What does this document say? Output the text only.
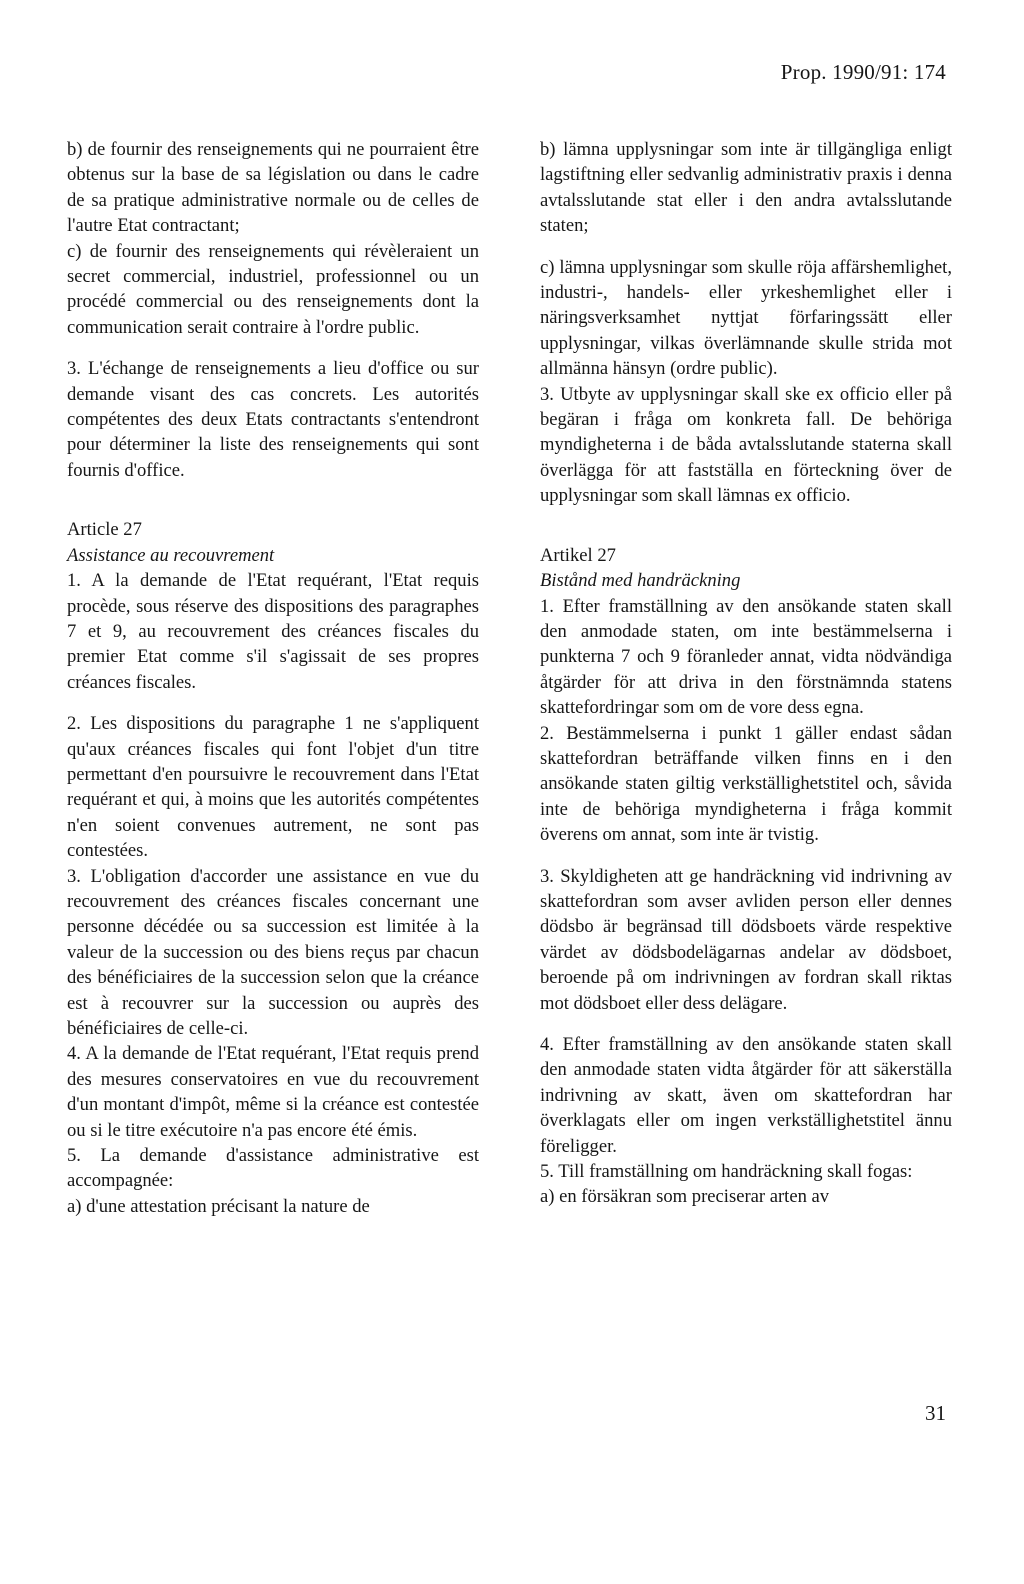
Prop. 1990/91: 174

b) de fournir des renseignements qui ne pourraient être obtenus sur la base de sa législation ou dans le cadre de sa pratique administrative normale ou de celles de l'autre Etat contractant;

c) de fournir des renseignements qui révèleraient un secret commercial, industriel, professionnel ou un procédé commercial ou des renseignements dont la communication serait contraire à l'ordre public.

3. L'échange de renseignements a lieu d'office ou sur demande visant des cas concrets. Les autorités compétentes des deux Etats contractants s'entendront pour déterminer la liste des renseignements qui sont fournis d'office.

Article 27

Assistance au recouvrement

1. A la demande de l'Etat requérant, l'Etat requis procède, sous réserve des dispositions des paragraphes 7 et 9, au recouvrement des créances fiscales du premier Etat comme s'il s'agissait de ses propres créances fiscales.

2. Les dispositions du paragraphe 1 ne s'appliquent qu'aux créances fiscales qui font l'objet d'un titre permettant d'en poursuivre le recouvrement dans l'Etat requérant et qui, à moins que les autorités compétentes n'en soient convenues autrement, ne sont pas contestées.

3. L'obligation d'accorder une assistance en vue du recouvrement des créances fiscales concernant une personne décédée ou sa succession est limitée à la valeur de la succession ou des biens reçus par chacun des bénéficiaires de la succession selon que la créance est à recouvrer sur la succession ou auprès des bénéficiaires de celle-ci.

4. A la demande de l'Etat requérant, l'Etat requis prend des mesures conservatoires en vue du recouvrement d'un montant d'impôt, même si la créance est contestée ou si le titre exécutoire n'a pas encore été émis.

5. La demande d'assistance administrative est accompagnée:

a) d'une attestation précisant la nature de

b) lämna upplysningar som inte är tillgängliga enligt lagstiftning eller sedvanlig administrativ praxis i denna avtalsslutande stat eller i den andra avtalsslutande staten;

c) lämna upplysningar som skulle röja affärshemlighet, industri-, handels- eller yrkeshemlighet eller i näringsverksamhet nyttjat förfaringssätt eller upplysningar, vilkas överlämnande skulle strida mot allmänna hänsyn (ordre public).

3. Utbyte av upplysningar skall ske ex officio eller på begäran i fråga om konkreta fall. De behöriga myndigheterna i de båda avtalsslutande staterna skall överlägga för att fastställa en förteckning över de upplysningar som skall lämnas ex officio.

Artikel 27

Bistånd med handräckning

1. Efter framställning av den ansökande staten skall den anmodade staten, om inte bestämmelserna i punkterna 7 och 9 föranleder annat, vidta nödvändiga åtgärder för att driva in den förstnämnda statens skattefordringar som om de vore dess egna.

2. Bestämmelserna i punkt 1 gäller endast sådan skattefordran beträffande vilken finns en i den ansökande staten giltig verkställighetstitel och, såvida inte de behöriga myndigheterna i fråga kommit överens om annat, som inte är tvistig.

3. Skyldigheten att ge handräckning vid indrivning av skattefordran som avser avliden person eller dennes dödsbo är begränsad till dödsboets värde respektive värdet av dödsbodelägarnas andelar av dödsboet, beroende på om indrivningen av fordran skall riktas mot dödsboet eller dess delägare.

4. Efter framställning av den ansökande staten skall den anmodade staten vidta åtgärder för att säkerställa indrivning av skatt, även om skattefordran har överklagats eller om ingen verkställighetstitel ännu föreligger.

5. Till framställning om handräckning skall fogas:

a) en försäkran som preciserar arten av

31
